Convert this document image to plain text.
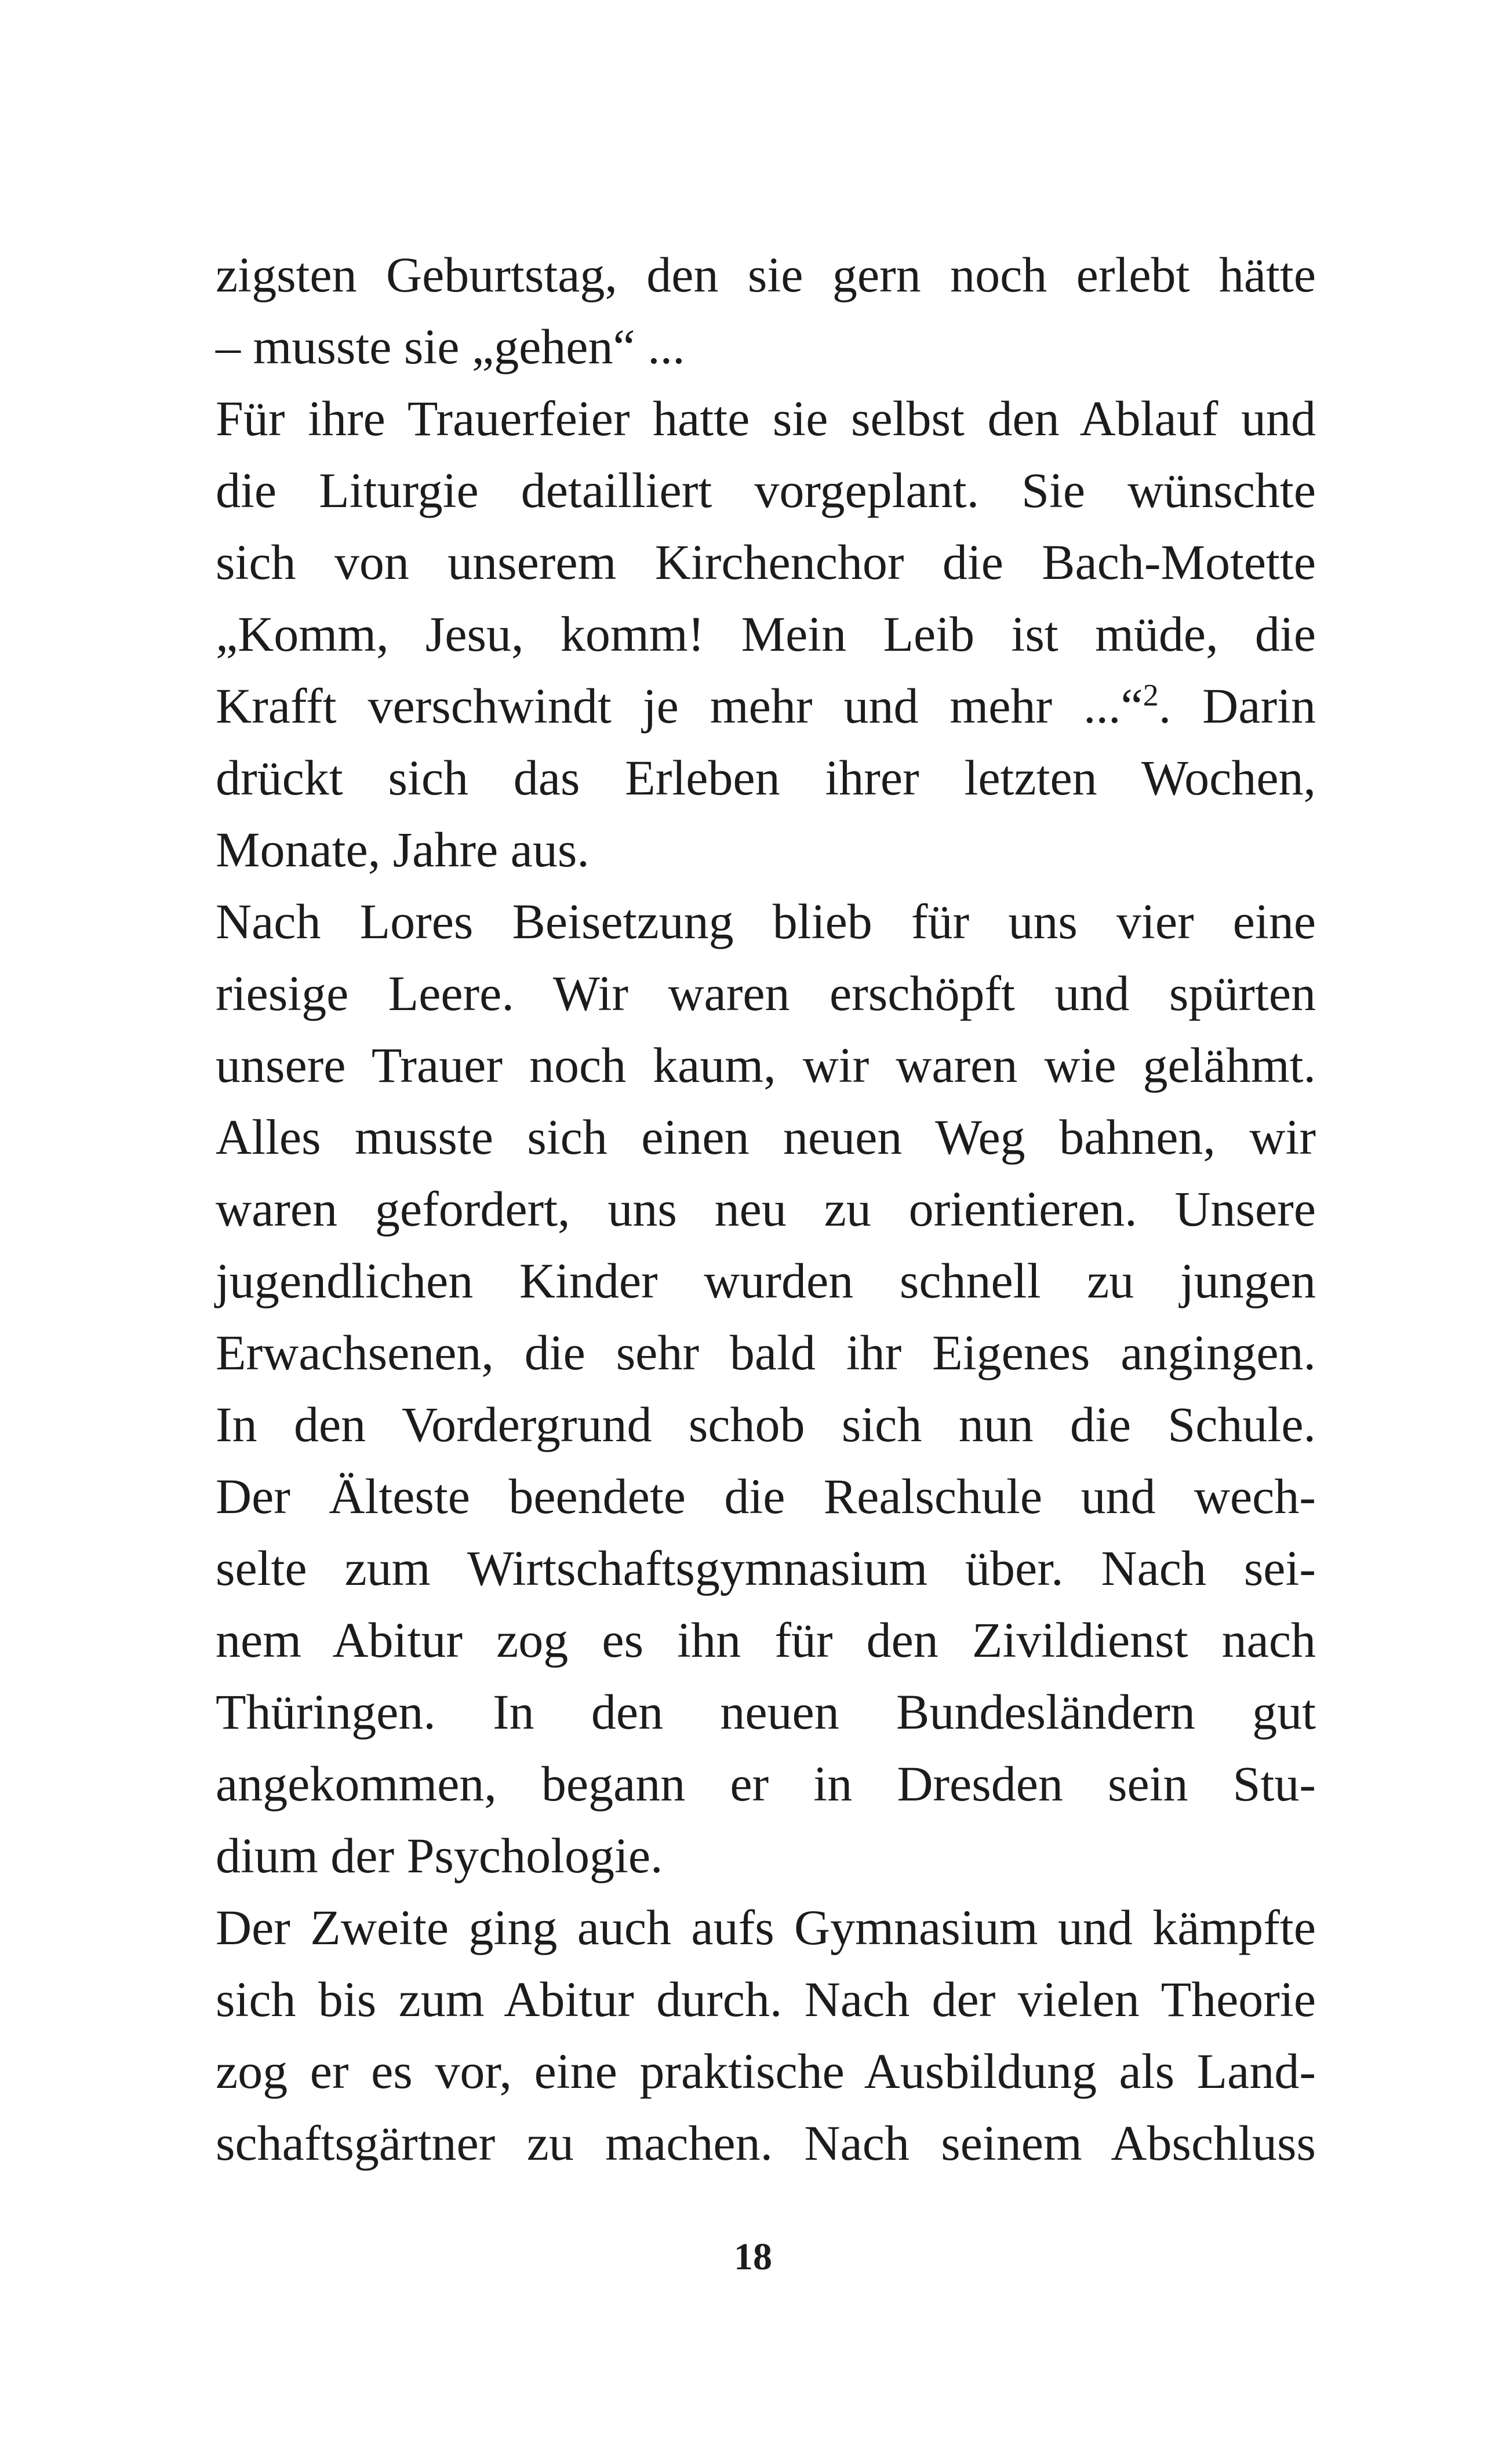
zigsten Geburtstag, den sie gern noch erlebt hätte
– musste sie „gehen“ ...
Für ihre Trauerfeier hatte sie selbst den Ablauf und
die Liturgie detailliert vorgeplant. Sie wünschte
sich von unserem Kirchenchor die Bach-Motette
„Komm, Jesu, komm! Mein Leib ist müde, die
Krafft verschwindt je mehr und mehr ...“$^2$. Darin
drückt sich das Erleben ihrer letzten Wochen,
Monate, Jahre aus.
Nach Lores Beisetzung blieb für uns vier eine
riesige Leere. Wir waren erschöpft und spürten
unsere Trauer noch kaum, wir waren wie gelähmt.
Alles musste sich einen neuen Weg bahnen, wir
waren gefordert, uns neu zu orientieren. Unsere
jugendlichen Kinder wurden schnell zu jungen
Erwachsenen, die sehr bald ihr Eigenes angingen.
In den Vordergrund schob sich nun die Schule.
Der Älteste beendete die Realschule und wech-
selte zum Wirtschaftsgymnasium über. Nach sei-
nem Abitur zog es ihn für den Zivildienst nach
Thüringen. In den neuen Bundesländern gut
angekommen, begann er in Dresden sein Stu-
dium der Psychologie.
Der Zweite ging auch aufs Gymnasium und kämpfte
sich bis zum Abitur durch. Nach der vielen Theorie
zog er es vor, eine praktische Ausbildung als Land-
schaftsgärtner zu machen. Nach seinem Abschluss
18
